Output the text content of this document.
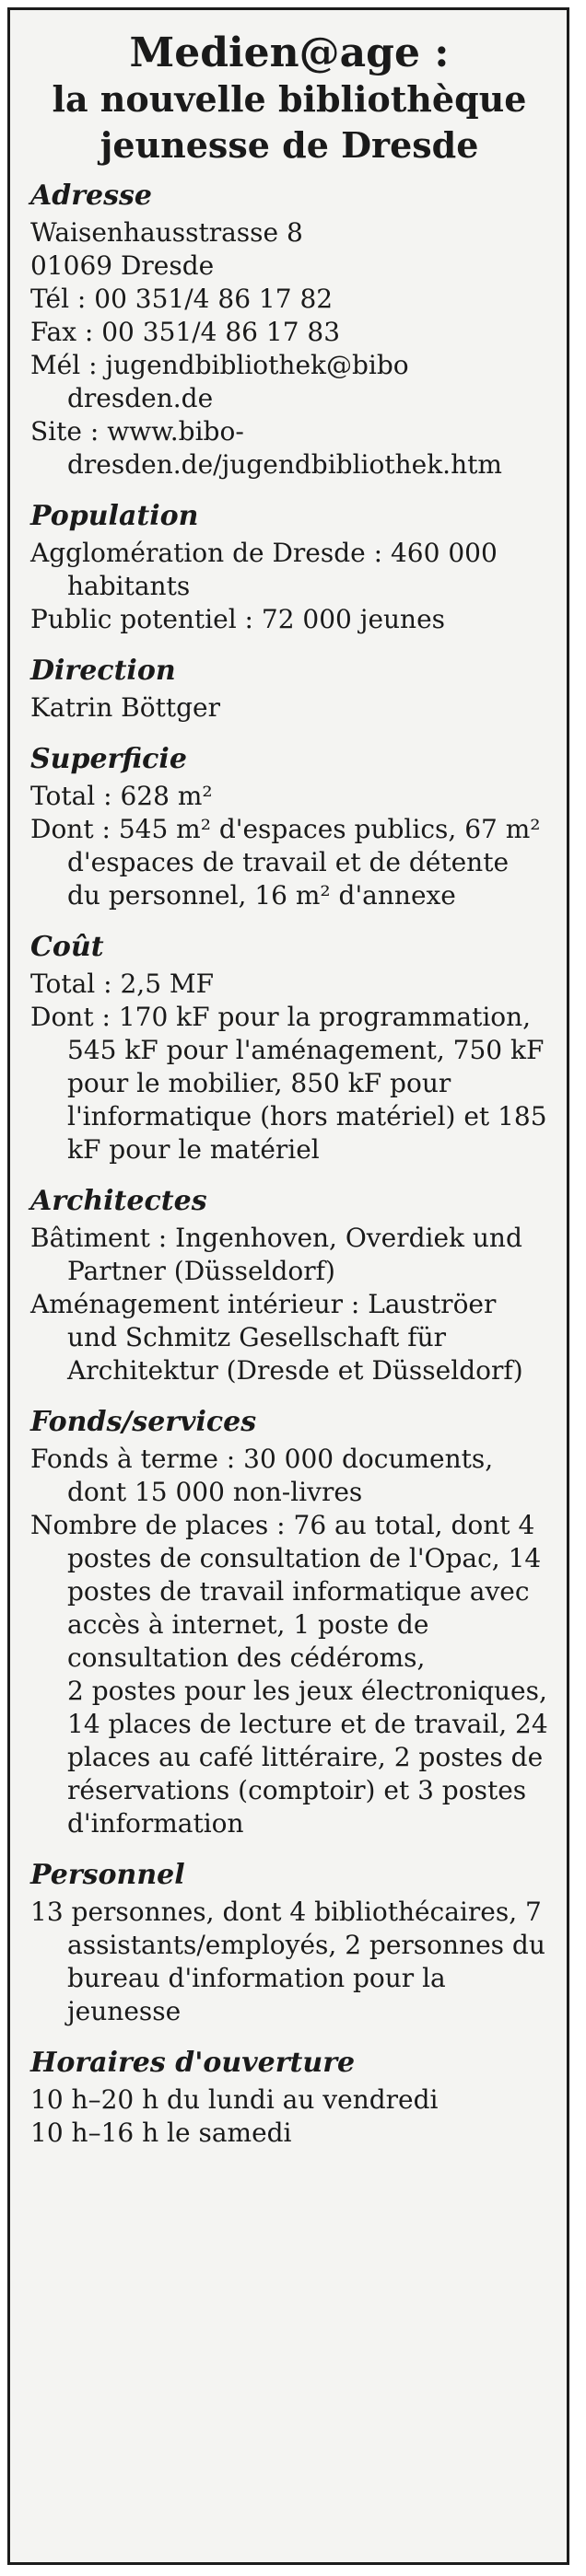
Medien@age :
la nouvelle bibliothèque
jeunesse de Dresde
Adresse

Waisenhausstrasse 8

01069 Dresde

Tél : 00 351/4 86 17 82

Fax : 00 351/4 86 17 83

Mél : jugendbibliothek@bibo dresden.de

Site : www.bibo-dresden.de/jugendbibliothek.htm

Population

Agglomération de Dresde : 460 000 habitants

Public potentiel : 72 000 jeunes

Direction

Katrin Böttger

Superficie

Total : 628 m²

Dont : 545 m² d'espaces publics, 67 m² d'espaces de travail et de détente du personnel, 16 m² d'annexe

Coût

Total : 2,5 MF

Dont : 170 kF pour la programmation, 545 kF pour l'aménagement, 750 kF pour le mobilier, 850 kF pour l'informatique (hors matériel) et 185 kF pour le matériel

Architectes

Bâtiment : Ingenhoven, Overdiek und Partner (Düsseldorf)

Aménagement intérieur : Lauströer und Schmitz Gesellschaft für Architektur (Dresde et Düsseldorf)

Fonds/services

Fonds à terme : 30 000 documents, dont 15 000 non-livres

Nombre de places : 76 au total, dont 4 postes de consultation de l'Opac, 14 postes de travail informatique avec accès à internet, 1 poste de consultation des cédéroms,

2 postes pour les jeux électroniques, 14 places de lecture et de travail, 24 places au café littéraire, 2 postes de réservations (comptoir) et 3 postes d'information

Personnel

13 personnes, dont 4 bibliothécaires, 7 assistants/employés, 2 personnes du bureau d'information pour la jeunesse

Horaires d'ouverture

10 h–20 h du lundi au vendredi

10 h–16 h le samedi
